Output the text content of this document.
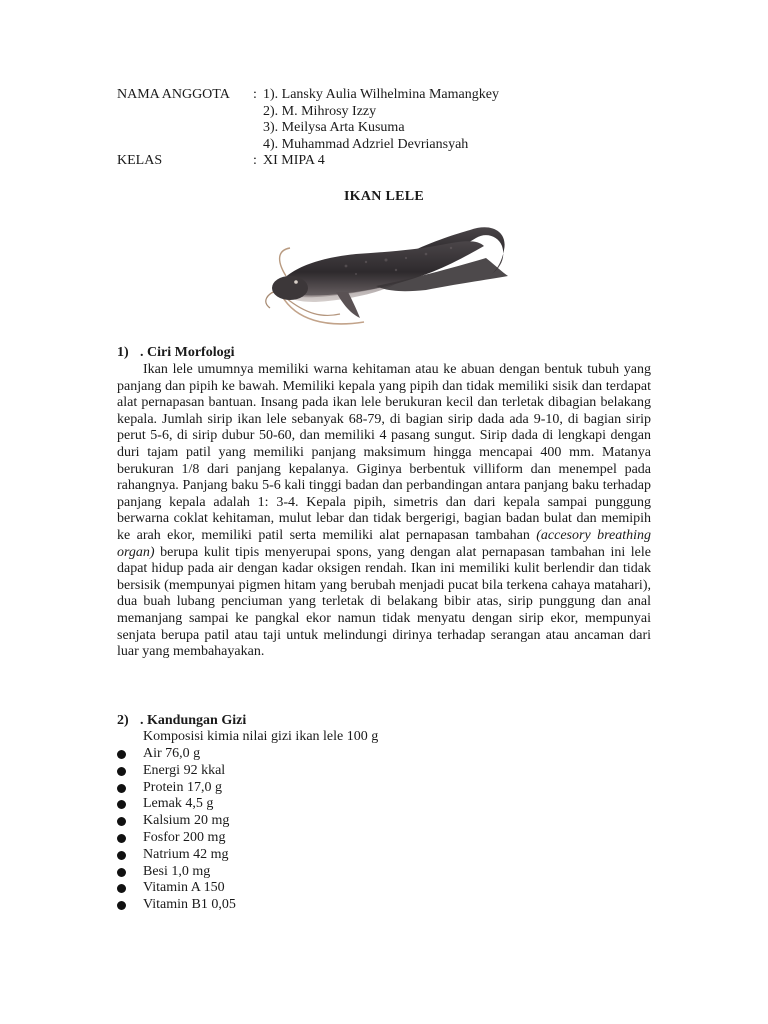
NAMA ANGGOTA	: 1). Lansky Aulia Wilhelmina Mamangkey
2). M. Mihrosy Izzy
3). Meilysa Arta Kusuma
4). Muhammad Adzriel Devriansyah
KELAS	: XI MIPA 4
IKAN LELE
1) . Ciri Morfologi

Ikan lele umumnya memiliki warna kehitaman atau ke abuan dengan bentuk tubuh yang panjang dan pipih ke bawah. Memiliki kepala yang pipih dan tidak memiliki sisik dan terdapat alat pernapasan bantuan. Insang pada ikan lele berukuran kecil dan terletak dibagian belakang kepala. Jumlah sirip ikan lele sebanyak 68-79, di bagian sirip dada ada 9-10, di bagian sirip perut 5-6, di sirip dubur 50-60, dan memiliki 4 pasang sungut. Sirip dada di lengkapi dengan duri tajam patil yang memiliki panjang maksimum hingga mencapai 400 mm. Matanya berukuran 1/8 dari panjang kepalanya. Giginya berbentuk villiform dan menempel pada rahangnya. Panjang baku 5-6 kali tinggi badan dan perbandingan antara panjang baku terhadap panjang kepala adalah 1: 3-4. Kepala pipih, simetris dan dari kepala sampai punggung berwarna coklat kehitaman, mulut lebar dan tidak bergerigi, bagian badan bulat dan memipih ke arah ekor, memiliki patil serta memiliki alat pernapasan tambahan (accesory breathing organ) berupa kulit tipis menyerupai spons, yang dengan alat pernapasan tambahan ini lele dapat hidup pada air dengan kadar oksigen rendah. Ikan ini memiliki kulit berlendir dan tidak bersisik (mempunyai pigmen hitam yang berubah menjadi pucat bila terkena cahaya matahari), dua buah lubang penciuman yang terletak di belakang bibir atas, sirip punggung dan anal memanjang sampai ke pangkal ekor namun tidak menyatu dengan sirip ekor, mempunyai senjata berupa patil atau taji untuk melindungi dirinya terhadap serangan atau ancaman dari luar yang membahayakan.

2) . Kandungan Gizi
Komposisi kimia nilai gizi ikan lele 100 g
Air 76,0 g
Energi 92 kkal
Protein 17,0 g
Lemak 4,5 g
Kalsium 20 mg
Fosfor 200 mg
Natrium 42 mg
Besi 1,0 mg
Vitamin A 150
Vitamin B1 0,05
